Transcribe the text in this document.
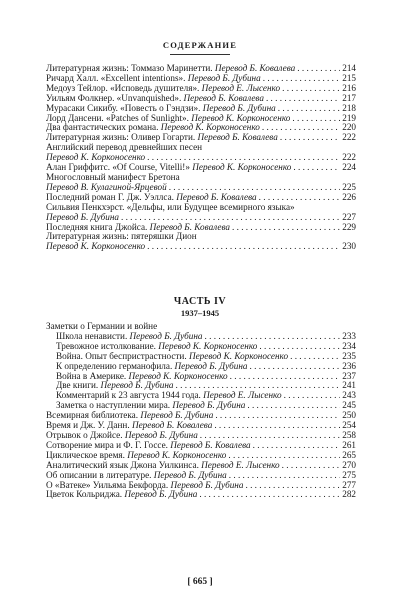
СОДЕРЖАНИЕ
Литературная жизнь: Томмазо Маринетти. Перевод Б. Ковалева . . .	214
Ричард Халл. «Excellent intentions». Перевод Б. Дубина . . .	215
Медоуз Тейлор. «Исповедь душителя». Перевод Е. Лысенко . . .	216
Уильям Фолкнер. «Unvanquished». Перевод Б. Ковалева . . .	217
Мурасаки Сикибу. «Повесть о Гэндзи». Перевод Б. Дубина . . .	218
Лорд Дансени. «Patches of Sunlight». Перевод К. Корконосенко . . .	219
Два фантастических романа. Перевод К. Корконосенко . . .	220
Литературная жизнь: Оливер Гогарти. Перевод Б. Ковалева . . .	222
Английский перевод древнейших песен
Перевод К. Корконосенко . . .	222
Алан Гриффитс. «Of Course, Vitelli!» Перевод К. Корконосенко . . .	224
Многословный манифест Бретона
Перевод В. Кулагиной-Ярцевой . . .	225
Последний роман Г. Дж. Уэллса. Перевод Б. Ковалева . . .	226
Сильвия Пенкхэрст. «Дельфы, или Будущее всемирного языка»
Перевод Б. Дубина . . .	227
Последняя книга Джойса. Перевод Б. Ковалева . . .	229
Литературная жизнь: пятеряшки Дион
Перевод К. Корконосенко . . .	230
ЧАСТЬ IV
1937–1945
Заметки о Германии и войне
Школа ненависти. Перевод Б. Дубина . . .	233
Тревожное истолкование. Перевод К. Корконосенко . . .	234
Война. Опыт беспристрастности. Перевод К. Корконосенко . . .	235
К определению германофила. Перевод Б. Дубина . . .	236
Война в Америке. Перевод К. Корконосенко . . .	237
Две книги. Перевод Б. Дубина . . .	241
Комментарий к 23 августа 1944 года. Перевод Е. Лысенко . . .	243
Заметка о наступлении мира. Перевод Б. Дубина . . .	245
Всемирная библиотека. Перевод Б. Дубина . . .	250
Время и Дж. У. Данн. Перевод Б. Ковалева . . .	254
Отрывок о Джойсе. Перевод Б. Дубина . . .	258
Сотворение мира и Ф. Г. Госсе. Перевод Б. Ковалева . . .	261
Циклическое время. Перевод К. Корконосенко . . .	265
Аналитический язык Джона Уилкинса. Перевод Е. Лысенко . . .	270
Об описании в литературе. Перевод Б. Дубина . . .	275
О «Ватеке» Уильяма Бекфорда. Перевод Б. Дубина . . .	277
Цветок Кольриджа. Перевод Б. Дубина . . .	282
[ 665 ]
